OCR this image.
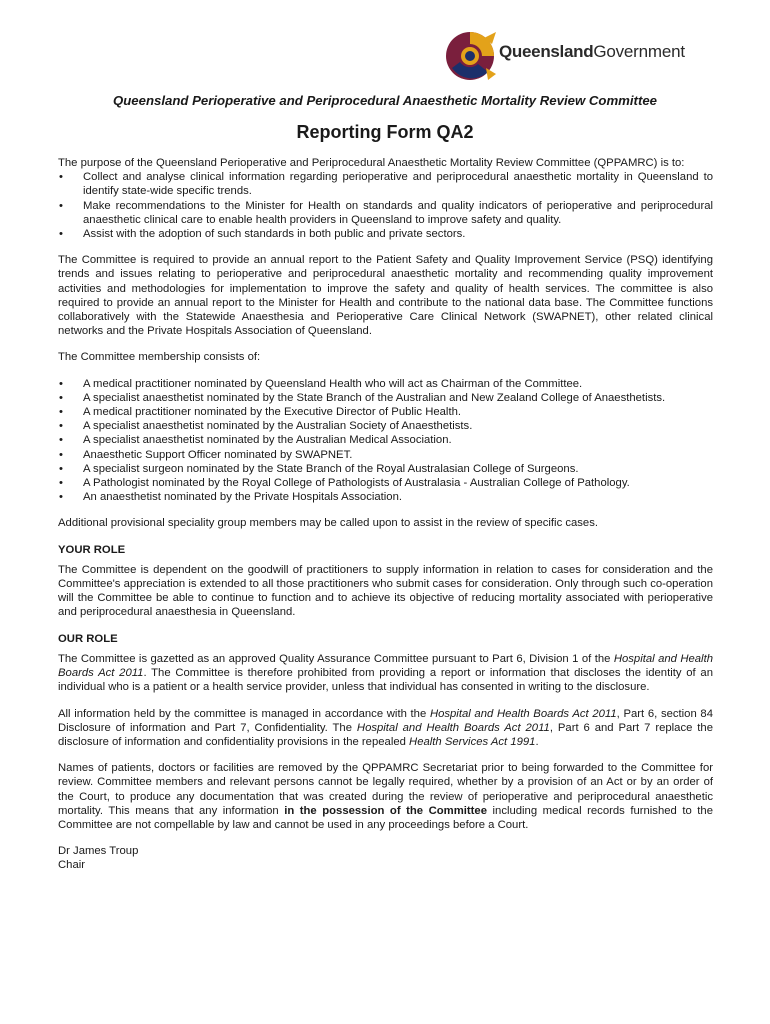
QueenslandGovernment
Queensland Perioperative and Periprocedural Anaesthetic Mortality Review Committee
Reporting Form QA2

The purpose of the Queensland Perioperative and Periprocedural Anaesthetic Mortality Review Committee (QPPAMRC) is to:

• Collect and analyse clinical information regarding perioperative and periprocedural anaesthetic mortality in Queensland to identify state-wide specific trends.
• Make recommendations to the Minister for Health on standards and quality indicators of perioperative and periprocedural anaesthetic clinical care to enable health providers in Queensland to improve safety and quality.
• Assist with the adoption of such standards in both public and private sectors.

The Committee is required to provide an annual report to the Patient Safety and Quality Improvement Service (PSQ) identifying trends and issues relating to perioperative and periprocedural anaesthetic mortality and recommending quality improvement activities and methodologies for implementation to improve the safety and quality of health services. The committee is also required to provide an annual report to the Minister for Health and contribute to the national data base. The Committee functions collaboratively with the Statewide Anaesthesia and Perioperative Care Clinical Network (SWAPNET), other related clinical networks and the Private Hospitals Association of Queensland.

The Committee membership consists of:

• A medical practitioner nominated by Queensland Health who will act as Chairman of the Committee.
• A specialist anaesthetist nominated by the State Branch of the Australian and New Zealand College of Anaesthetists.
• A medical practitioner nominated by the Executive Director of Public Health.
• A specialist anaesthetist nominated by the Australian Society of Anaesthetists.
• A specialist anaesthetist nominated by the Australian Medical Association.
• Anaesthetic Support Officer nominated by SWAPNET.
• A specialist surgeon nominated by the State Branch of the Royal Australasian College of Surgeons.
• A Pathologist nominated by the Royal College of Pathologists of Australasia - Australian College of Pathology.
• An anaesthetist nominated by the Private Hospitals Association.

Additional provisional speciality group members may be called upon to assist in the review of specific cases.

YOUR ROLE

The Committee is dependent on the goodwill of practitioners to supply information in relation to cases for consideration and the Committee's appreciation is extended to all those practitioners who submit cases for consideration. Only through such co-operation will the Committee be able to continue to function and to achieve its objective of reducing mortality associated with perioperative and periprocedural anaesthesia in Queensland.

OUR ROLE

The Committee is gazetted as an approved Quality Assurance Committee pursuant to Part 6, Division 1 of the Hospital and Health Boards Act 2011. The Committee is therefore prohibited from providing a report or information that discloses the identity of an individual who is a patient or a health service provider, unless that individual has consented in writing to the disclosure.

All information held by the committee is managed in accordance with the Hospital and Health Boards Act 2011, Part 6, section 84 Disclosure of information and Part 7, Confidentiality. The Hospital and Health Boards Act 2011, Part 6 and Part 7 replace the disclosure of information and confidentiality provisions in the repealed Health Services Act 1991.

Names of patients, doctors or facilities are removed by the QPPAMRC Secretariat prior to being forwarded to the Committee for review. Committee members and relevant persons cannot be legally required, whether by a provision of an Act or by an order of the Court, to produce any documentation that was created during the review of perioperative and periprocedural anaesthetic mortality. This means that any information in the possession of the Committee including medical records furnished to the Committee are not compellable by law and cannot be used in any proceedings before a Court.

Dr James Troup

Chair
